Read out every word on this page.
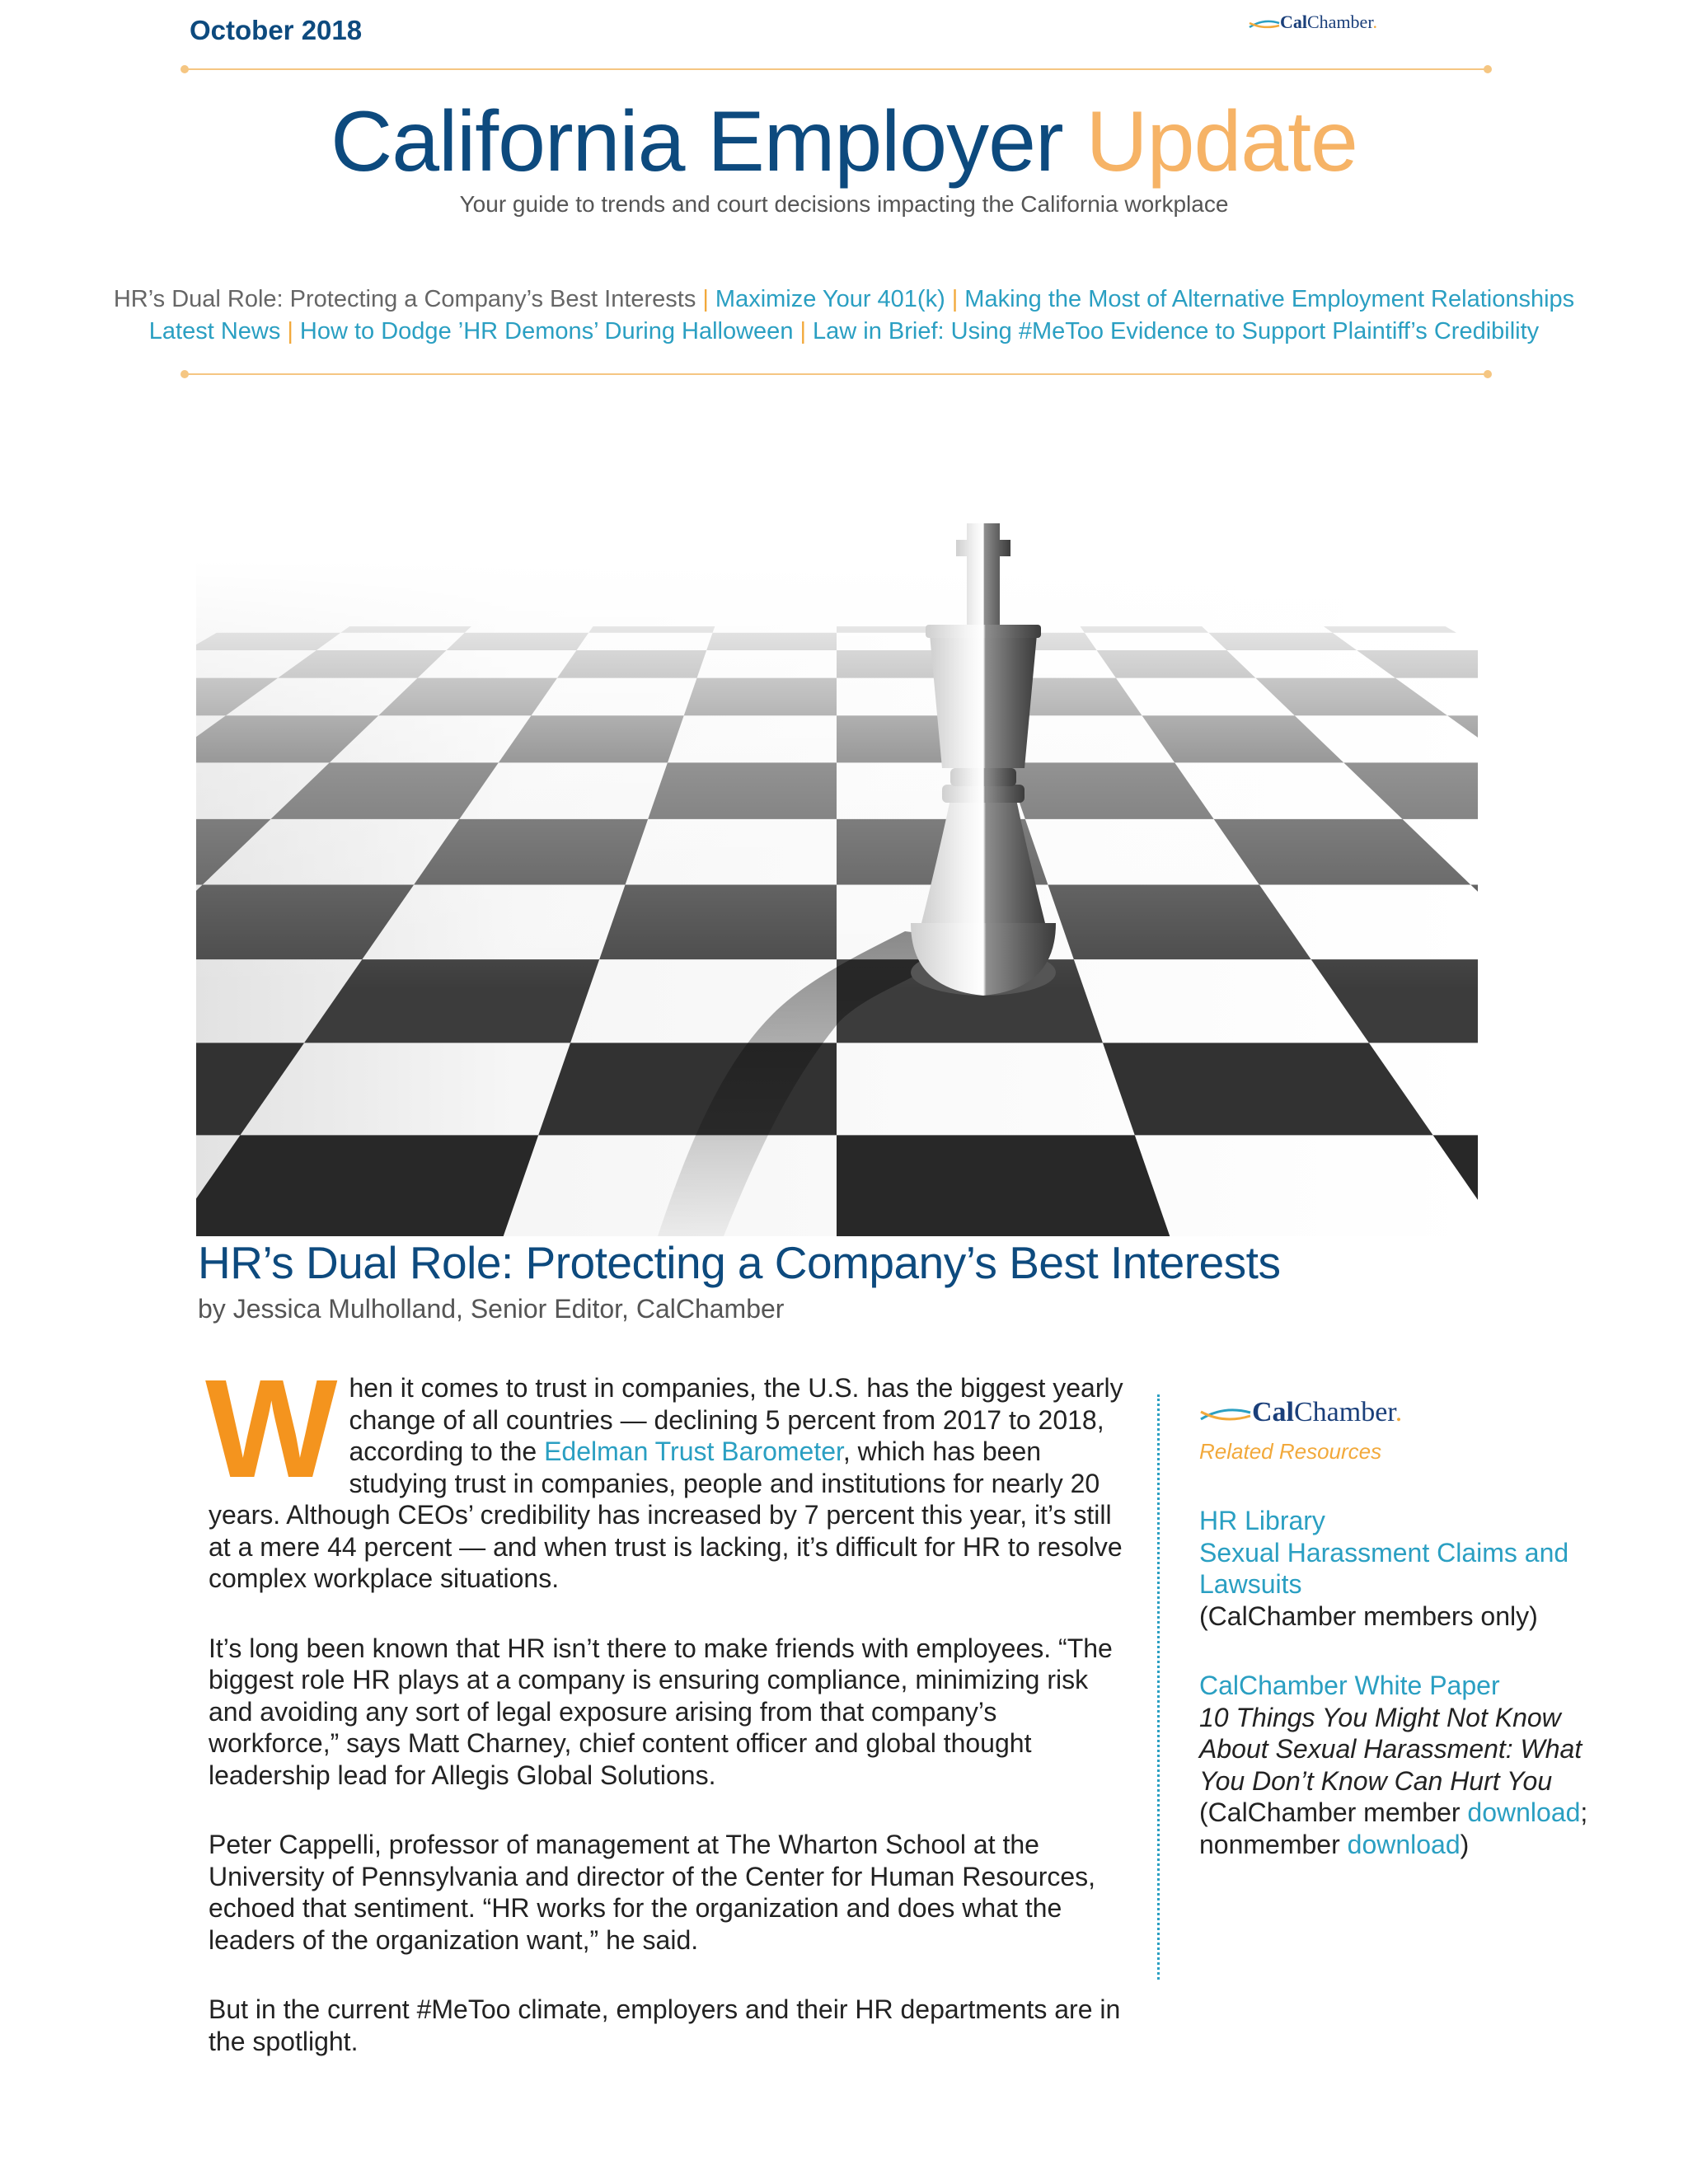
October 2018	CalChamber.
California Employer Update
Your guide to trends and court decisions impacting the California workplace
HR’s Dual Role: Protecting a Company’s Best Interests | Maximize Your 401(k) | Making the Most of Alternative Employment Relationships
Latest News | How to Dodge ’HR Demons’ During Halloween | Law in Brief: Using #MeToo Evidence to Support Plaintiff’s Credibility
HR’s Dual Role: Protecting a Company’s Best Interests
by Jessica Mulholland, Senior Editor, CalChamber

When it comes to trust in companies, the U.S. has the biggest yearly change of all countries — declining 5 percent from 2017 to 2018, according to the Edelman Trust Barometer, which has been studying trust in companies, people and institutions for nearly 20 years. Although CEOs’ credibility has increased by 7 percent this year, it’s still at a mere 44 percent — and when trust is lacking, it’s difficult for HR to resolve complex workplace situations.

It’s long been known that HR isn’t there to make friends with employees. “The biggest role HR plays at a company is ensuring compliance, minimizing risk and avoiding any sort of legal exposure arising from that company’s workforce,” says Matt Charney, chief content officer and global thought leadership lead for Allegis Global Solutions.

Peter Cappelli, professor of management at The Wharton School at the University of Pennsylvania and director of the Center for Human Resources, echoed that sentiment. “HR works for the organization and does what the leaders of the organization want,” he said.

But in the current #MeToo climate, employers and their HR departments are in the spotlight.

CalChamber.
Related Resources
HR Library
Sexual Harassment Claims and Lawsuits
(CalChamber members only)
CalChamber White Paper
10 Things You Might Not Know About Sexual Harassment: What You Don’t Know Can Hurt You
(CalChamber member download; nonmember download)
